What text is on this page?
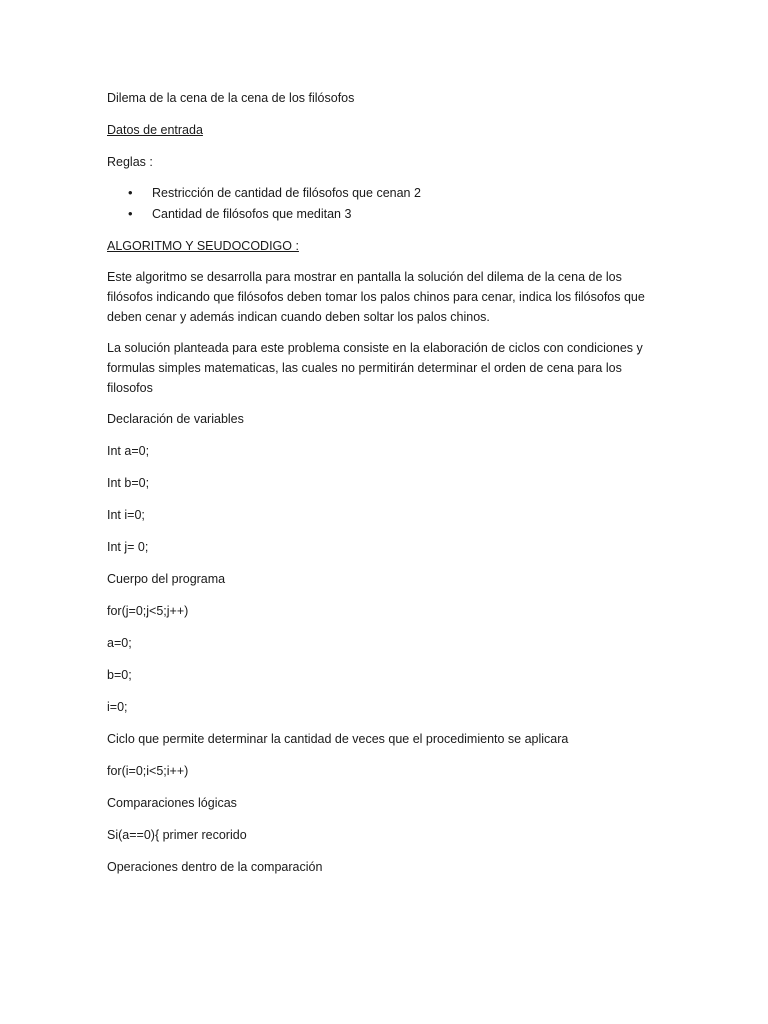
Dilema de la cena de la cena de los filósofos
Datos de entrada
Reglas :
• Restricción de cantidad de filósofos que cenan 2
• Cantidad de filósofos que meditan 3
ALGORITMO Y SEUDOCODIGO :
Este algoritmo se desarrolla para mostrar en pantalla la solución del dilema de la cena de los filósofos indicando que filósofos deben tomar los palos chinos para cenar, indica los filósofos que deben cenar y además indican cuando deben soltar los palos chinos.
La solución planteada para este problema consiste en la elaboración de ciclos con condiciones y formulas simples matematicas, las cuales no permitirán determinar el orden de cena para los filosofos
Declaración de variables
Int a=0;
Int b=0;
Int i=0;
Int j= 0;
Cuerpo del programa
for(j=0;j<5;j++)
a=0;
b=0;
i=0;
Ciclo que permite determinar la cantidad de veces que el procedimiento se aplicara
for(i=0;i<5;i++)
Comparaciones lógicas
Si(a==0){ primer recorido
Operaciones dentro de la comparación
